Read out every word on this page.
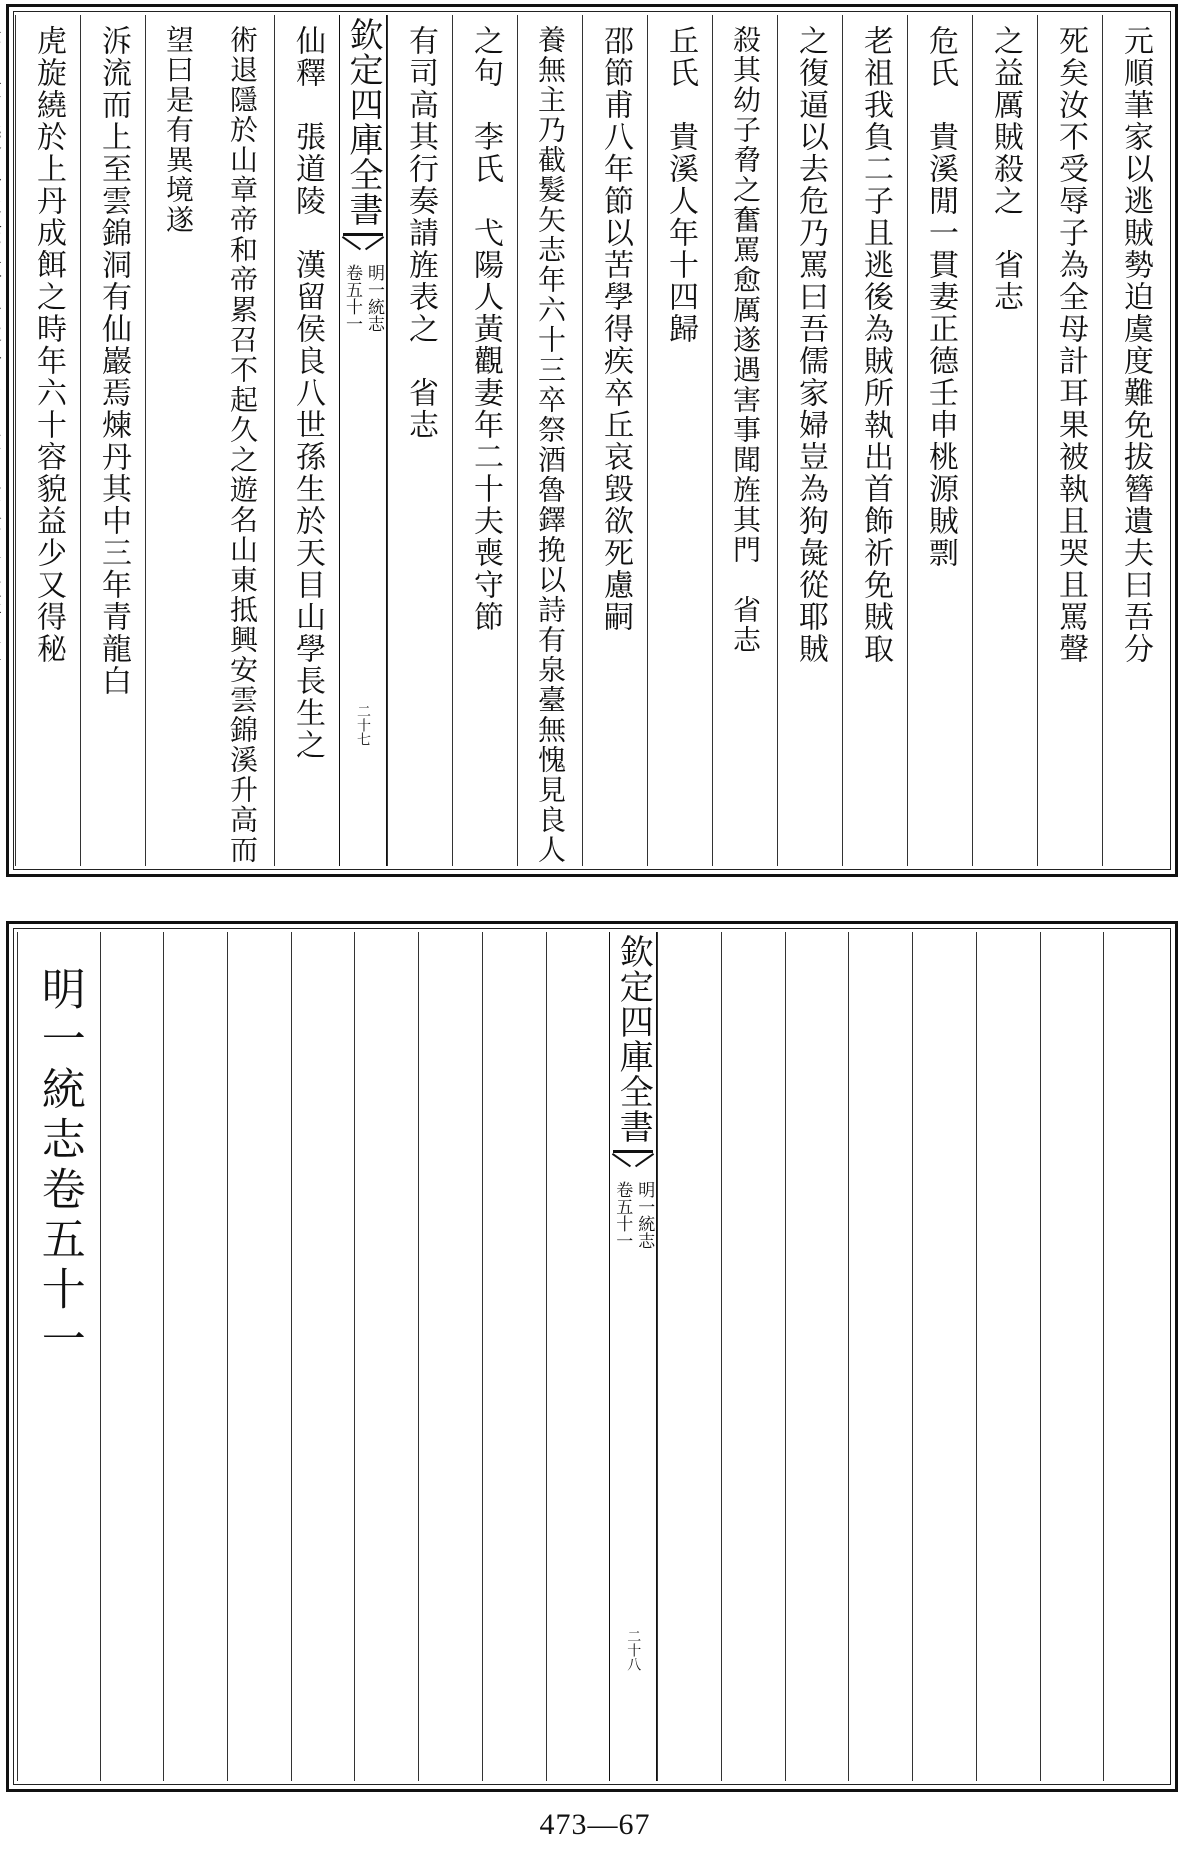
元順茟家以逃賊勢迫虞度難免拔簪遺夫曰吾分
死矣汝不受辱子為全母計耳果被執且哭且罵聲
之益厲賊殺之　省志
危氏　貴溪閒一貫妻正德壬申桃源賊剽
老祖我負二子且逃後為賊所執出首飾祈免賊取
之復逼以去危乃罵曰吾儒家婦豈為狗彘從耶賊
殺其幼子脅之奮罵愈厲遂遇害事聞旌其門　省志
丘氏　貴溪人年十四歸
邵節甫八年節以苦學得疾卒丘哀毀欲死慮嗣
養無主乃截髮矢志年六十三卒祭酒魯鐸挽以詩有泉臺無愧見良人
之句　李氏　弋陽人黃觀妻年二十夫喪守節
有司高其行奏請旌表之　省志
欽定四庫全書
明一統志
卷五十一
二十七
仙釋　張道陵　漢留侯良八世孫生於天目山學長生之
術退隱於山章帝和帝累召不起久之遊名山東抵興安雲錦溪升高而望曰是有異境遂
泝流而上至雲錦洞有仙巖焉煉丹其中三年青龍白
虎旋繞於上丹成餌之時年六十容貌益少又得秘
欽定四庫全書
明一統志
卷五十一
二十八
明一統志卷五十一
473—67
